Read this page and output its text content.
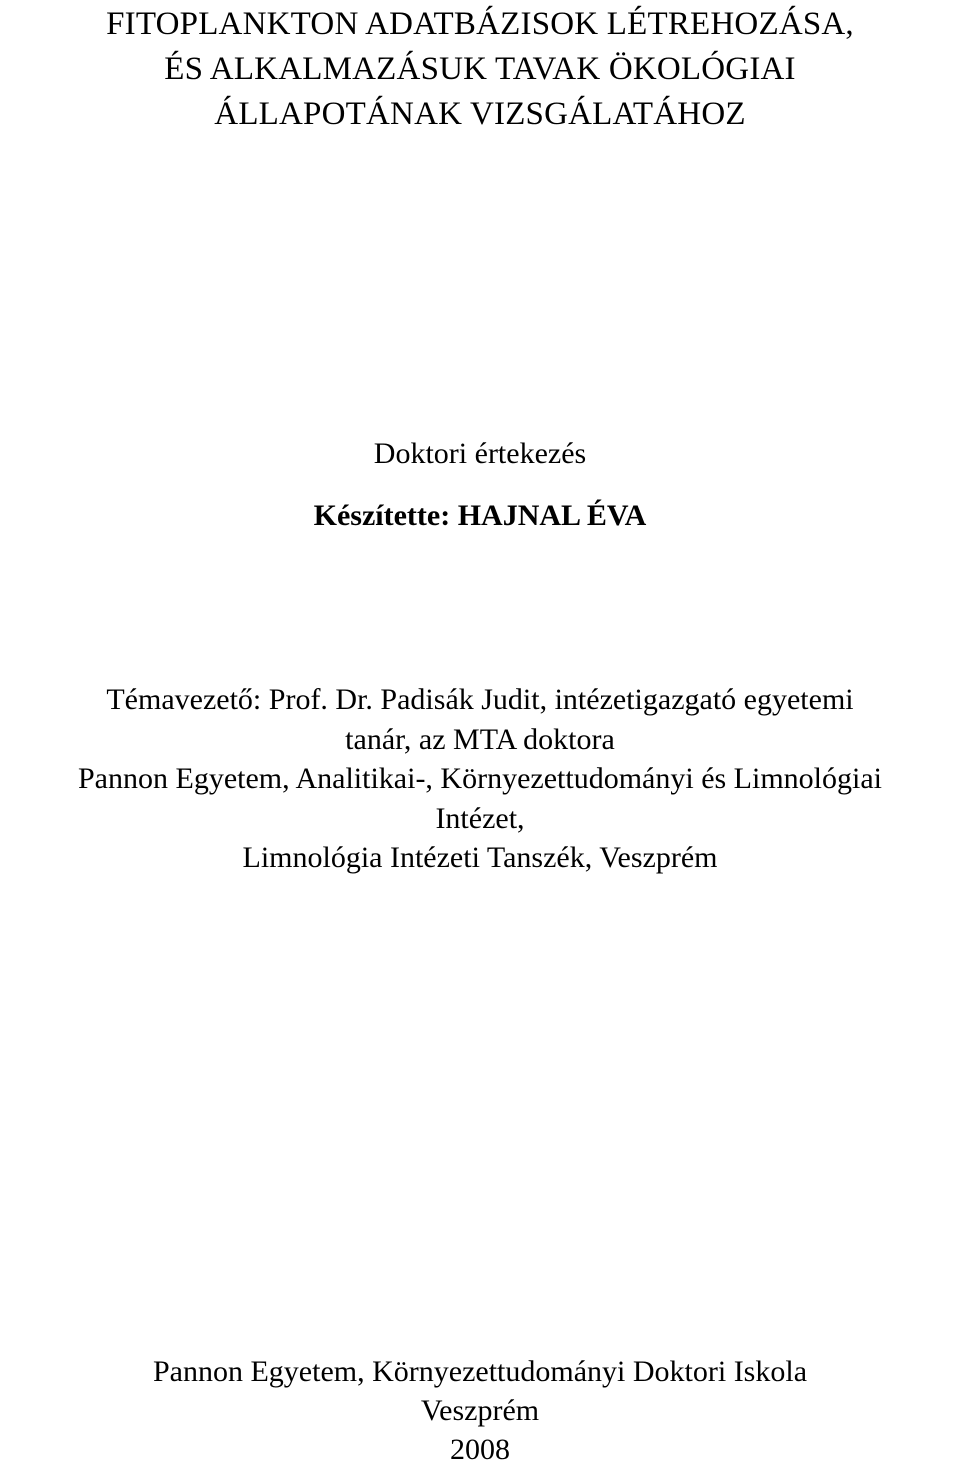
FITOPLANKTON ADATBÁZISOK LÉTREHOZÁSA,
ÉS ALKALMAZÁSUK TAVAK ÖKOLÓGIAI
ÁLLAPOTÁNAK VIZSGÁLATÁHOZ
Doktori értekezés
Készítette: HAJNAL ÉVA
Témavezető: Prof. Dr. Padisák Judit, intézetigazgató egyetemi
tanár, az MTA doktora
Pannon Egyetem, Analitikai-, Környezettudományi és Limnológiai
Intézet,
Limnológia Intézeti Tanszék, Veszprém
Pannon Egyetem, Környezettudományi Doktori Iskola
Veszprém
2008
